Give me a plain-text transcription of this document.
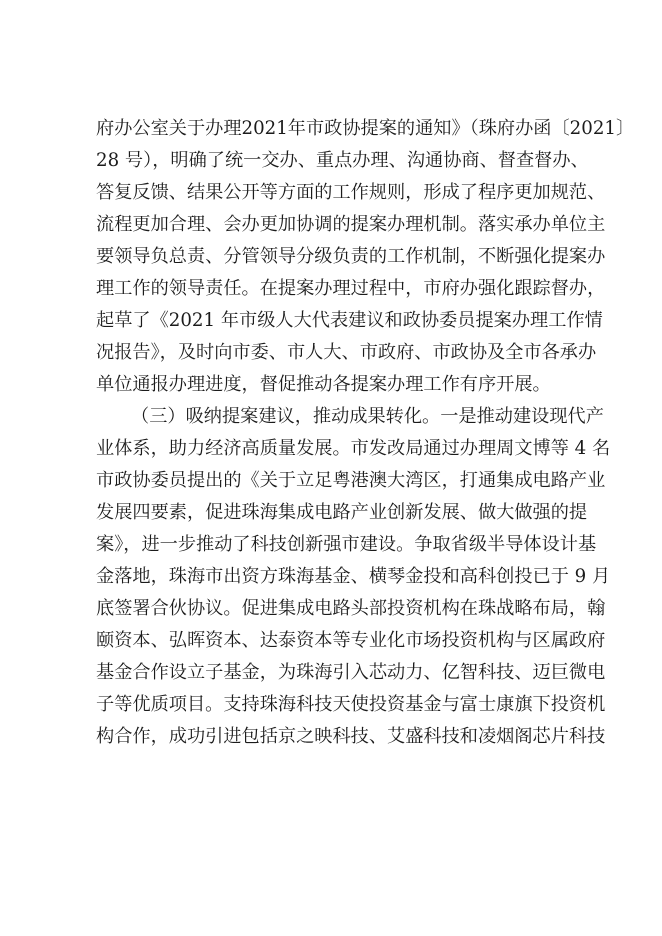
府办公室关于办理2021年市政协提案的通知》（珠府办函〔2021〕
28 号），明确了统一交办、重点办理、沟通协商、督查督办、
答复反馈、结果公开等方面的工作规则，形成了程序更加规范、
流程更加合理、会办更加协调的提案办理机制。落实承办单位主
要领导负总责、分管领导分级负责的工作机制，不断强化提案办
理工作的领导责任。在提案办理过程中，市府办强化跟踪督办，
起草了《2021 年市级人大代表建议和政协委员提案办理工作情
况报告》，及时向市委、市人大、市政府、市政协及全市各承办
单位通报办理进度，督促推动各提案办理工作有序开展。
（三）吸纳提案建议，推动成果转化。一是推动建设现代产
业体系，助力经济高质量发展。市发改局通过办理周文博等 4 名
市政协委员提出的《关于立足粤港澳大湾区，打通集成电路产业
发展四要素，促进珠海集成电路产业创新发展、做大做强的提
案》，进一步推动了科技创新强市建设。争取省级半导体设计基
金落地，珠海市出资方珠海基金、横琴金投和高科创投已于 9 月
底签署合伙协议。促进集成电路头部投资机构在珠战略布局，翰
颐资本、弘晖资本、达泰资本等专业化市场投资机构与区属政府
基金合作设立子基金，为珠海引入芯动力、亿智科技、迈巨微电
子等优质项目。支持珠海科技天使投资基金与富士康旗下投资机
构合作，成功引进包括京之映科技、艾盛科技和凌烟阁芯片科技
